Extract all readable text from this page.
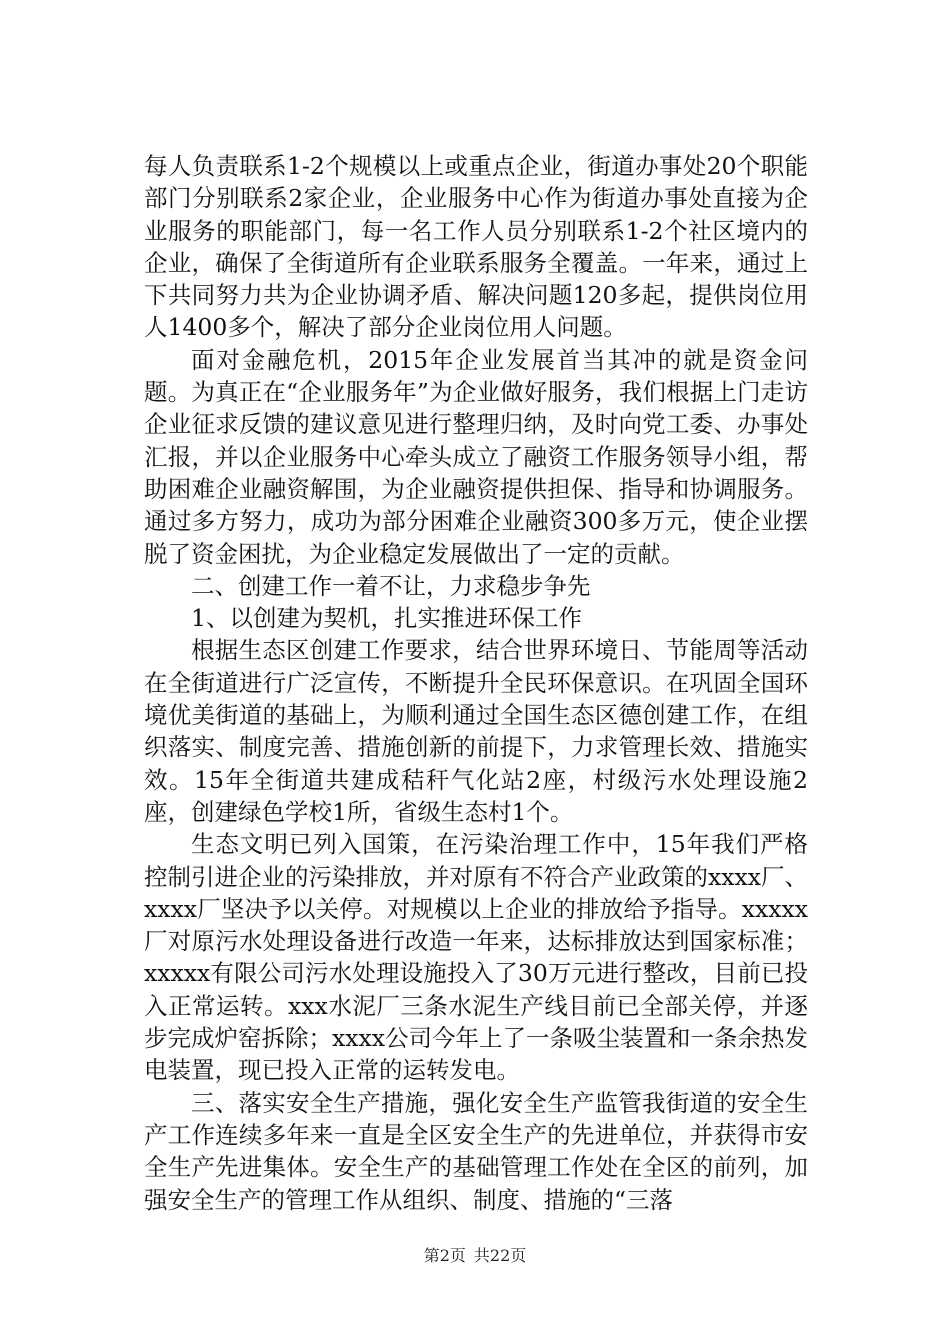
每人负责联系1-2个规模以上或重点企业，街道办事处20个职能部门分别联系2家企业，企业服务中心作为街道办事处直接为企业服务的职能部门，每一名工作人员分别联系1-2个社区境内的企业，确保了全街道所有企业联系服务全覆盖。一年来，通过上下共同努力共为企业协调矛盾、解决问题120多起，提供岗位用人1400多个，解决了部分企业岗位用人问题。

面对金融危机，2015年企业发展首当其冲的就是资金问题。为真正在“企业服务年”为企业做好服务，我们根据上门走访企业征求反馈的建议意见进行整理归纳，及时向党工委、办事处汇报，并以企业服务中心牵头成立了融资工作服务领导小组，帮助困难企业融资解围，为企业融资提供担保、指导和协调服务。通过多方努力，成功为部分困难企业融资300多万元，使企业摆脱了资金困扰，为企业稳定发展做出了一定的贡献。

二、创建工作一着不让，力求稳步争先

1、以创建为契机，扎实推进环保工作

根据生态区创建工作要求，结合世界环境日、节能周等活动在全街道进行广泛宣传，不断提升全民环保意识。在巩固全国环境优美街道的基础上，为顺利通过全国生态区德创建工作，在组织落实、制度完善、措施创新的前提下，力求管理长效、措施实效。15年全街道共建成秸秆气化站2座，村级污水处理设施2座，创建绿色学校1所，省级生态村1个。

生态文明已列入国策，在污染治理工作中，15年我们严格控制引进企业的污染排放，并对原有不符合产业政策的xxxx厂、xxxx厂坚决予以关停。对规模以上企业的排放给予指导。xxxxx厂对原污水处理设备进行改造一年来，达标排放达到国家标准；xxxxx有限公司污水处理设施投入了30万元进行整改，目前已投入正常运转。xxx水泥厂三条水泥生产线目前已全部关停，并逐步完成炉窑拆除；xxxx公司今年上了一条吸尘装置和一条余热发电装置，现已投入正常的运转发电。

三、落实安全生产措施，强化安全生产监管我街道的安全生产工作连续多年来一直是全区安全生产的先进单位，并获得市安全生产先进集体。安全生产的基础管理工作处在全区的前列，加强安全生产的管理工作从组织、制度、措施的“三落

第2页 共22页
